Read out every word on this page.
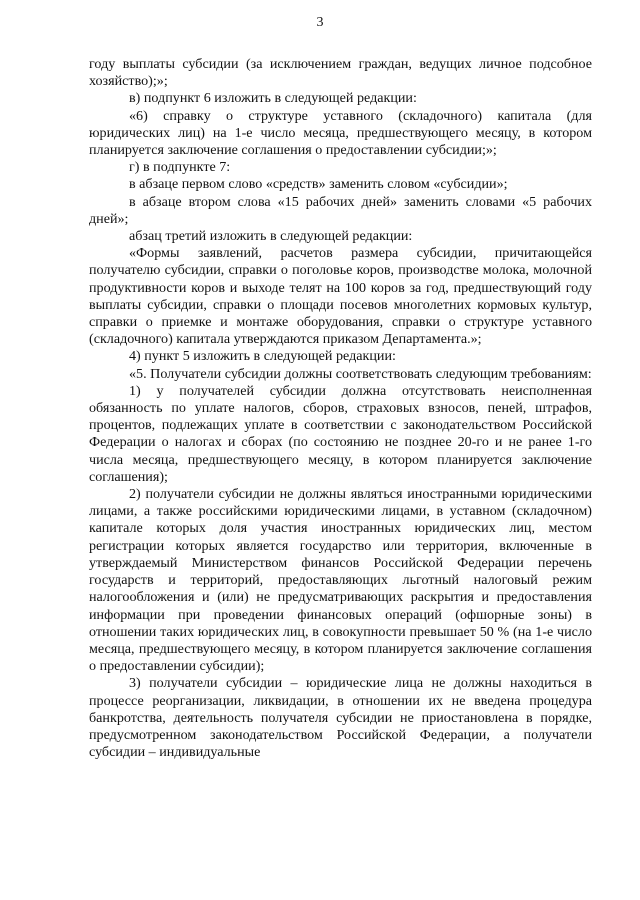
3

году выплаты субсидии (за исключением граждан, ведущих личное подсобное хозяйство);»;

в) подпункт 6 изложить в следующей редакции:

«6) справку о структуре уставного (складочного) капитала (для юридических лиц) на 1-е число месяца, предшествующего месяцу, в котором планируется заключение соглашения о предоставлении субсидии;»;

г) в подпункте 7:

в абзаце первом слово «средств» заменить словом «субсидии»;

в абзаце втором слова «15 рабочих дней» заменить словами «5 рабочих дней»;

абзац третий изложить в следующей редакции:

«Формы заявлений, расчетов размера субсидии, причитающейся получателю субсидии, справки о поголовье коров, производстве молока, молочной продуктивности коров и выходе телят на 100 коров за год, предшествующий году выплаты субсидии, справки о площади посевов многолетних кормовых культур, справки о приемке и монтаже оборудования, справки о структуре уставного (складочного) капитала утверждаются приказом Департамента.»;

4) пункт 5 изложить в следующей редакции:

«5. Получатели субсидии должны соответствовать следующим требованиям:

1) у получателей субсидии должна отсутствовать неисполненная обязанность по уплате налогов, сборов, страховых взносов, пеней, штрафов, процентов, подлежащих уплате в соответствии с законодательством Российской Федерации о налогах и сборах (по состоянию не позднее 20-го и не ранее 1-го числа месяца, предшествующего месяцу, в котором планируется заключение соглашения);

2) получатели субсидии не должны являться иностранными юридическими лицами, а также российскими юридическими лицами, в уставном (складочном) капитале которых доля участия иностранных юридических лиц, местом регистрации которых является государство или территория, включенные в утверждаемый Министерством финансов Российской Федерации перечень государств и территорий, предоставляющих льготный налоговый режим налогообложения и (или) не предусматривающих раскрытия и предоставления информации при проведении финансовых операций (офшорные зоны) в отношении таких юридических лиц, в совокупности превышает 50 % (на 1-е число месяца, предшествующего месяцу, в котором планируется заключение соглашения о предоставлении субсидии);

3) получатели субсидии – юридические лица не должны находиться в процессе реорганизации, ликвидации, в отношении их не введена процедура банкротства, деятельность получателя субсидии не приостановлена в порядке, предусмотренном законодательством Российской Федерации, а получатели субсидии – индивидуальные
